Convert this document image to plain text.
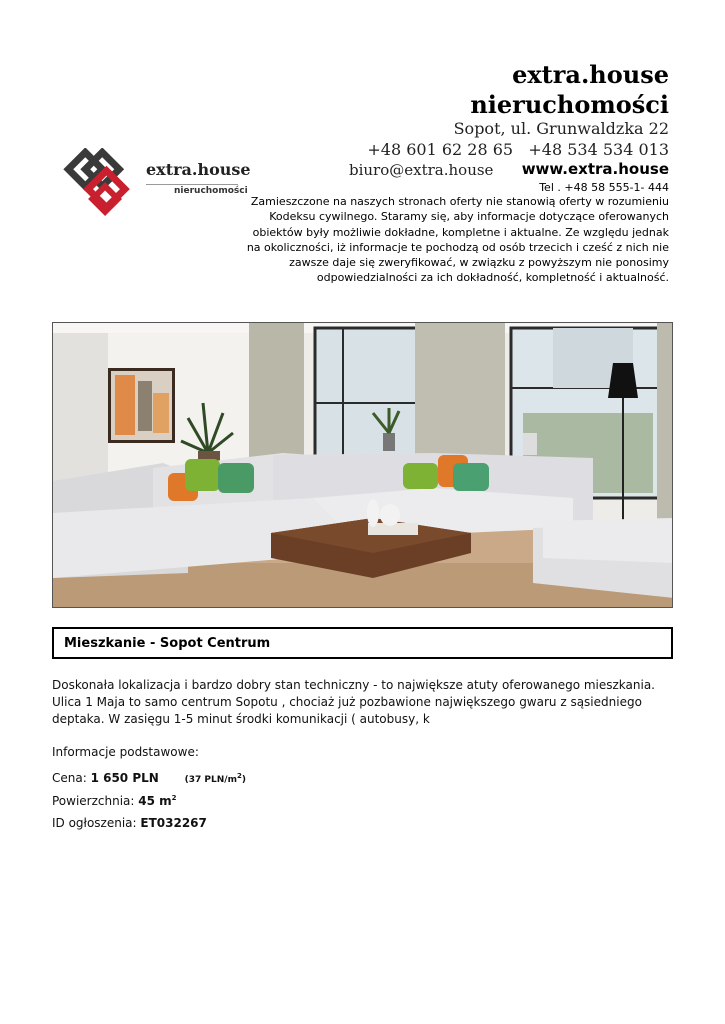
extra.house
nieruchomości
extra.house
nieruchomości
Sopot, ul. Grunwaldzka 22
+48 601 62 28 65   +48 534 534 013
biuro@extra.house www.extra.house
Tel . +48 58 555-1- 444
Zamieszczone na naszych stronach oferty nie stanowią oferty w rozumieniu Kodeksu cywilnego. Staramy się, aby informacje dotyczące oferowanych obiektów były możliwie dokładne, kompletne i aktualne. Ze względu jednak na okoliczności, iż informacje te pochodzą od osób trzecich i cześć z nich nie zawsze daje się zweryfikować, w związku z powyższym nie ponosimy odpowiedzialności za ich dokładność, kompletność i aktualność.
Mieszkanie - Sopot Centrum
Doskonała lokalizacja i bardzo dobry stan techniczny - to największe atuty oferowanego mieszkania. Ulica 1 Maja to samo centrum Sopotu , chociaż już pozbawione największego gwaru z sąsiedniego deptaka. W zasięgu 1-5 minut środki komunikacji ( autobusy, k
Informacje podstawowe:
Cena: 1 650 PLN	(37 PLN/$m^2$)
Powierzchnia: 45 $m^2$
ID ogłoszenia: ET032267
